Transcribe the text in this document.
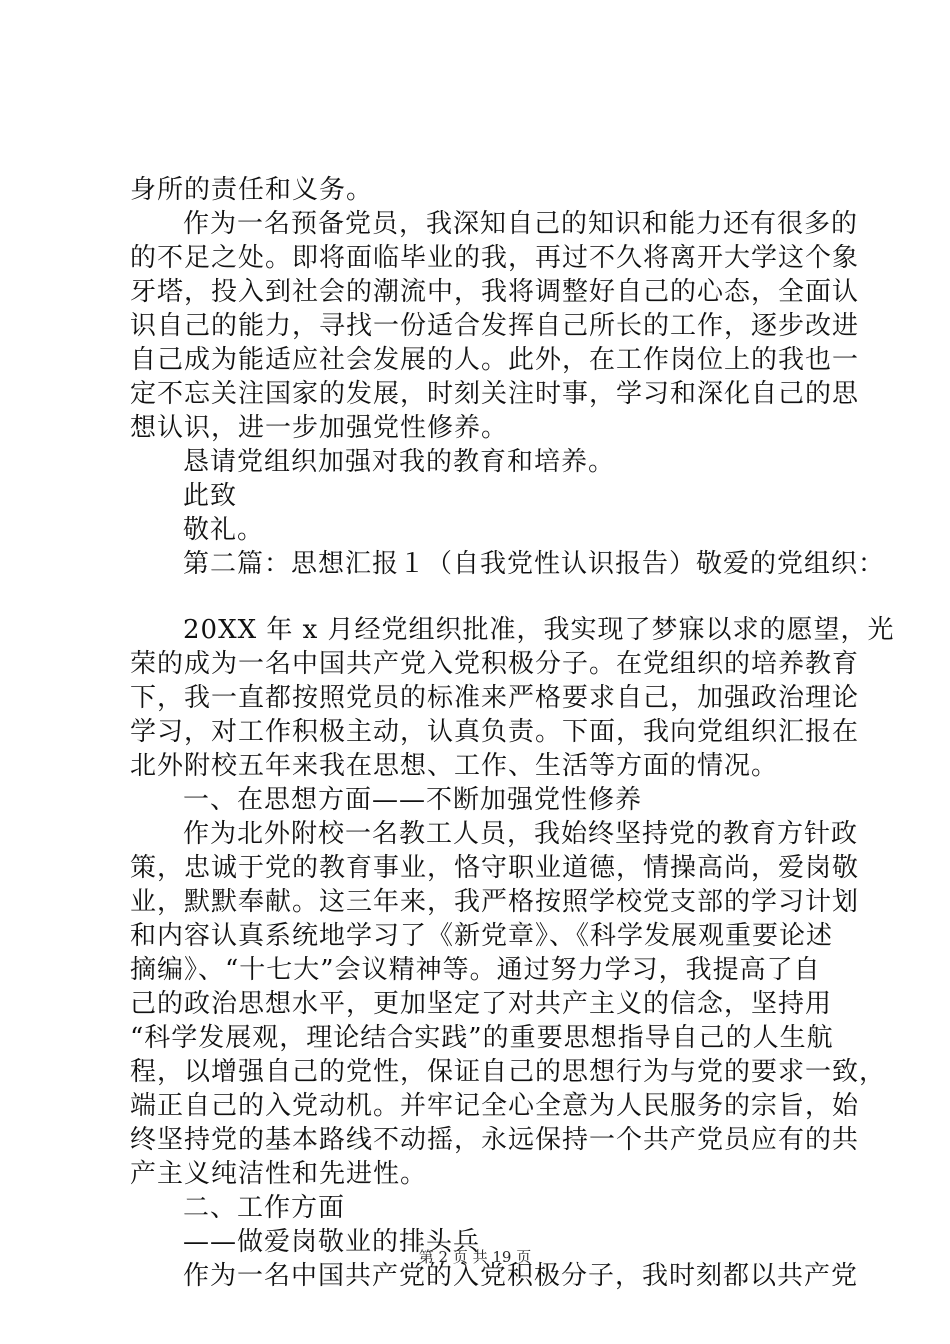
身所的责任和义务。
作为一名预备党员，我深知自己的知识和能力还有很多的
的不足之处。即将面临毕业的我，再过不久将离开大学这个象
牙塔，投入到社会的潮流中，我将调整好自己的心态，全面认
识自己的能力，寻找一份适合发挥自己所长的工作，逐步改进
自己成为能适应社会发展的人。此外，在工作岗位上的我也一
定不忘关注国家的发展，时刻关注时事，学习和深化自己的思
想认识，进一步加强党性修养。
恳请党组织加强对我的教育和培养。
此致
敬礼。
第二篇：思想汇报１（自我党性认识报告）敬爱的党组织：
20XX 年 x 月经党组织批准，我实现了梦寐以求的愿望，光
荣的成为一名中国共产党入党积极分子。在党组织的培养教育
下，我一直都按照党员的标准来严格要求自己，加强政治理论
学习，对工作积极主动，认真负责。下面，我向党组织汇报在
北外附校五年来我在思想、工作、生活等方面的情况。
一、在思想方面——不断加强党性修养
作为北外附校一名教工人员，我始终坚持党的教育方针政
策，忠诚于党的教育事业，恪守职业道德，情操高尚，爱岗敬
业，默默奉献。这三年来，我严格按照学校党支部的学习计划
和内容认真系统地学习了《新党章》、《科学发展观重要论述
摘编》、“十七大”会议精神等。通过努力学习，我提高了自
己的政治思想水平，更加坚定了对共产主义的信念，坚持用
“科学发展观，理论结合实践”的重要思想指导自己的人生航
程，以增强自己的党性，保证自己的思想行为与党的要求一致，
端正自己的入党动机。并牢记全心全意为人民服务的宗旨，始
终坚持党的基本路线不动摇，永远保持一个共产党员应有的共
产主义纯洁性和先进性。
二、工作方面
——做爱岗敬业的排头兵
作为一名中国共产党的入党积极分子，我时刻都以共产党
第 2 页 共 19 页
